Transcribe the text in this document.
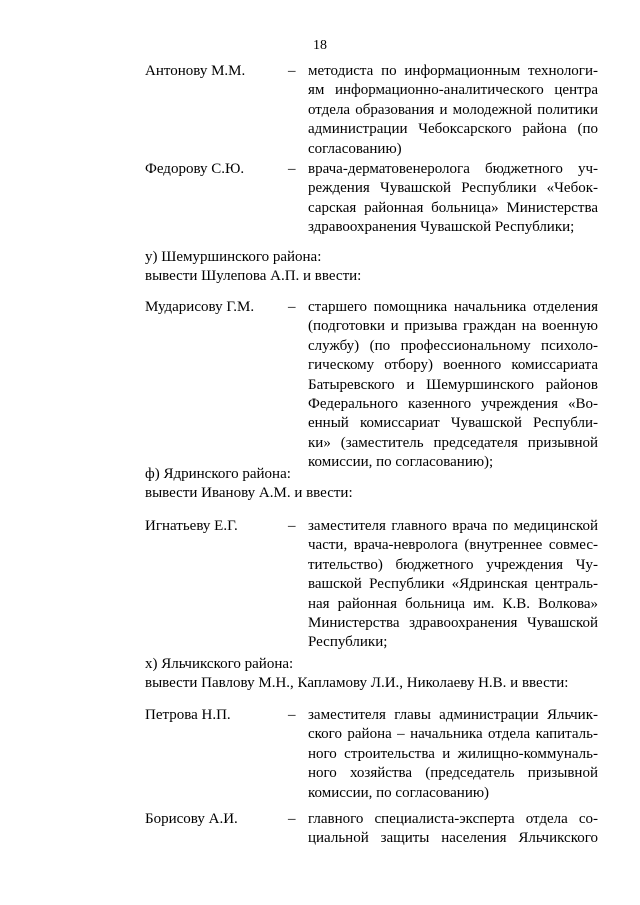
18
Антонову М.М.	– методиста по информационным технологи-
ям информационно-аналитического центра
отдела образования и молодежной политики
администрации Чебоксарского района (по
согласованию)
Федорову С.Ю.	– врача-дерматовенеролога бюджетного уч-
реждения Чувашской Республики «Чебок-
сарская районная больница» Министерства
здравоохранения Чувашской Республики;
у) Шемуршинского района:
вывести Шулепова А.П. и ввести:
Мударисову Г.М. – старшего помощника начальника отделения
(подготовки и призыва граждан на военную
службу) (по профессиональному психоло-
гическому отбору) военного комиссариата
Батыревского и Шемуршинского районов
Федерального казенного учреждения «Во-
енный комиссариат Чувашской Республи-
ки» (заместитель председателя призывной
комиссии, по согласованию);
ф) Ядринского района:
вывести Иванову А.М. и ввести:
Игнатьеву Е.Г.	– заместителя главного врача по медицинской
части, врача-невролога (внутреннее совмес-
тительство) бюджетного учреждения Чу-
вашской Республики «Ядринская централь-
ная районная больница им. К.В. Волкова»
Министерства здравоохранения Чувашской
Республики;
х) Яльчикского района:
вывести Павлову М.Н., Капламову Л.И., Николаеву Н.В. и ввести:
Петрова Н.П.	– заместителя главы администрации Яльчик-
ского района – начальника отдела капиталь-
ного строительства и жилищно-коммуналь-
ного хозяйства (председатель призывной
комиссии, по согласованию)
Борисову А.И.	– главного специалиста-эксперта отдела со-
циальной защиты населения Яльчикского
